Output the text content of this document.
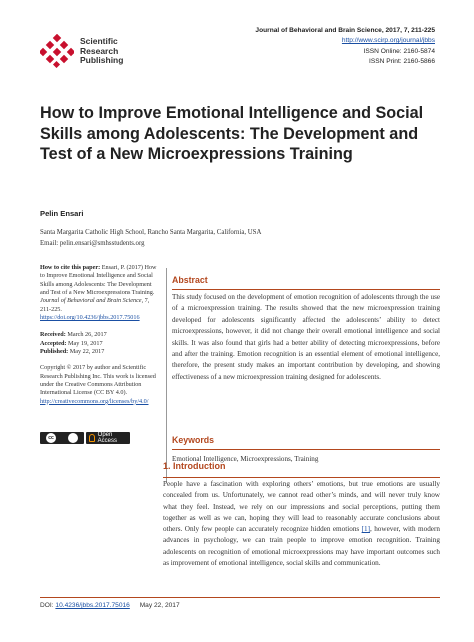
Scientific
Research
Publishing
Journal of Behavioral and Brain Science, 2017, 7, 211-225
http://www.scirp.org/journal/jbbs
ISSN Online: 2160-5874
ISSN Print: 2160-5866
How to Improve Emotional Intelligence and Social Skills among Adolescents: The Development and Test of a New Microexpressions Training
Pelin Ensari
Santa Margarita Catholic High School, Rancho Santa Margarita, California, USA
Email: pelin.ensari@smhsstudents.org
How to cite this paper: Ensari, P. (2017) How to Improve Emotional Intelligence and Social Skills among Adolescents: The Development and Test of a New Microexpressions Training. Journal of Behavioral and Brain Science, 7, 211-225. https://doi.org/10.4236/jbbs.2017.75016
Received: March 26, 2017
Accepted: May 19, 2017
Published: May 22, 2017
Copyright © 2017 by author and Scientific Research Publishing Inc. This work is licensed under the Creative Commons Attribution International License (CC BY 4.0). http://creativecommons.org/licenses/by/4.0/
cc	Open Access
Abstract
This study focused on the development of emotion recognition of adolescents through the use of a microexpression training. The results showed that the new microexpression training developed for adolescents significantly affected the adolescents’ ability to detect microexpressions, however, it did not change their overall emotional intelligence and social skills. It was also found that girls had a better ability of detecting microexpressions, before and after the training. Emotion recognition is an essential element of emotional intelligence, therefore, the present study makes an important contribution by developing, and showing effectiveness of a new microexpression training designed for adolescents.
Keywords
Emotional Intelligence, Microexpressions, Training
1. Introduction
People have a fascination with exploring others’ emotions, but true emotions are usually concealed from us. Unfortunately, we cannot read other’s minds, and will never truly know what they feel. Instead, we rely on our impressions and social perceptions, putting them together as well as we can, hoping they will lead to reasonably accurate conclusions about others. Only few people can accurately recognize hidden emotions [1], however, with modern advances in psychology, we can train people to improve emotion recognition. Training adolescents on recognition of emotional microexpressions may have important outcomes such as improvement of emotional intelligence, social skills and communication.
DOI: 10.4236/jbbs.2017.75016 May 22, 2017
